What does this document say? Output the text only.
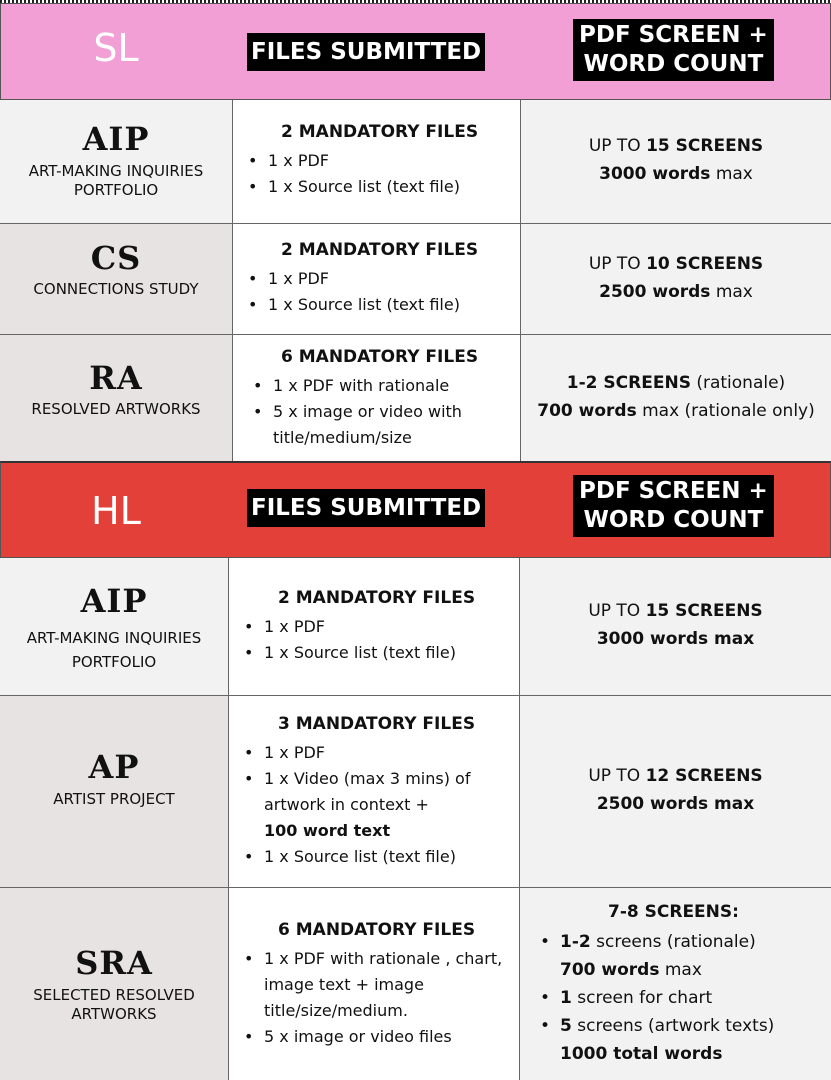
SL	FILES SUBMITTED
PDF SCREEN +
WORD COUNT
AIP
ART-MAKING INQUIRIES
PORTFOLIO
2 MANDATORY FILES
• 1 x PDF
• 1 x Source list (text file)
UP TO 15 SCREENS
3000 words max
CS
CONNECTIONS STUDY
2 MANDATORY FILES
• 1 x PDF
• 1 x Source list (text file)
UP TO 10 SCREENS
2500 words max
RA
RESOLVED ARTWORKS
6 MANDATORY FILES
• 1 x PDF with rationale
• 5 x image or video with title/medium/size
1-2 SCREENS (rationale)
700 words max (rationale only)
HL	FILES SUBMITTED
PDF SCREEN +
WORD COUNT
AIP
ART-MAKING INQUIRIES
PORTFOLIO
2 MANDATORY FILES
• 1 x PDF
• 1 x Source list (text file)
UP TO 15 SCREENS
3000 words max
AP
ARTIST PROJECT
3 MANDATORY FILES
• 1 x PDF
• 1 x Video (max 3 mins) of artwork in context +
100 word text
• 1 x Source list (text file)
UP TO 12 SCREENS
2500 words max
SRA
SELECTED RESOLVED
ARTWORKS
6 MANDATORY FILES
• 1 x PDF with rationale , chart, image text + image title/size/medium.
• 5 x image or video files
7-8 SCREENS:
• 1-2 screens (rationale)
700 words max
• 1 screen for chart
• 5 screens (artwork texts)
1000 total words
